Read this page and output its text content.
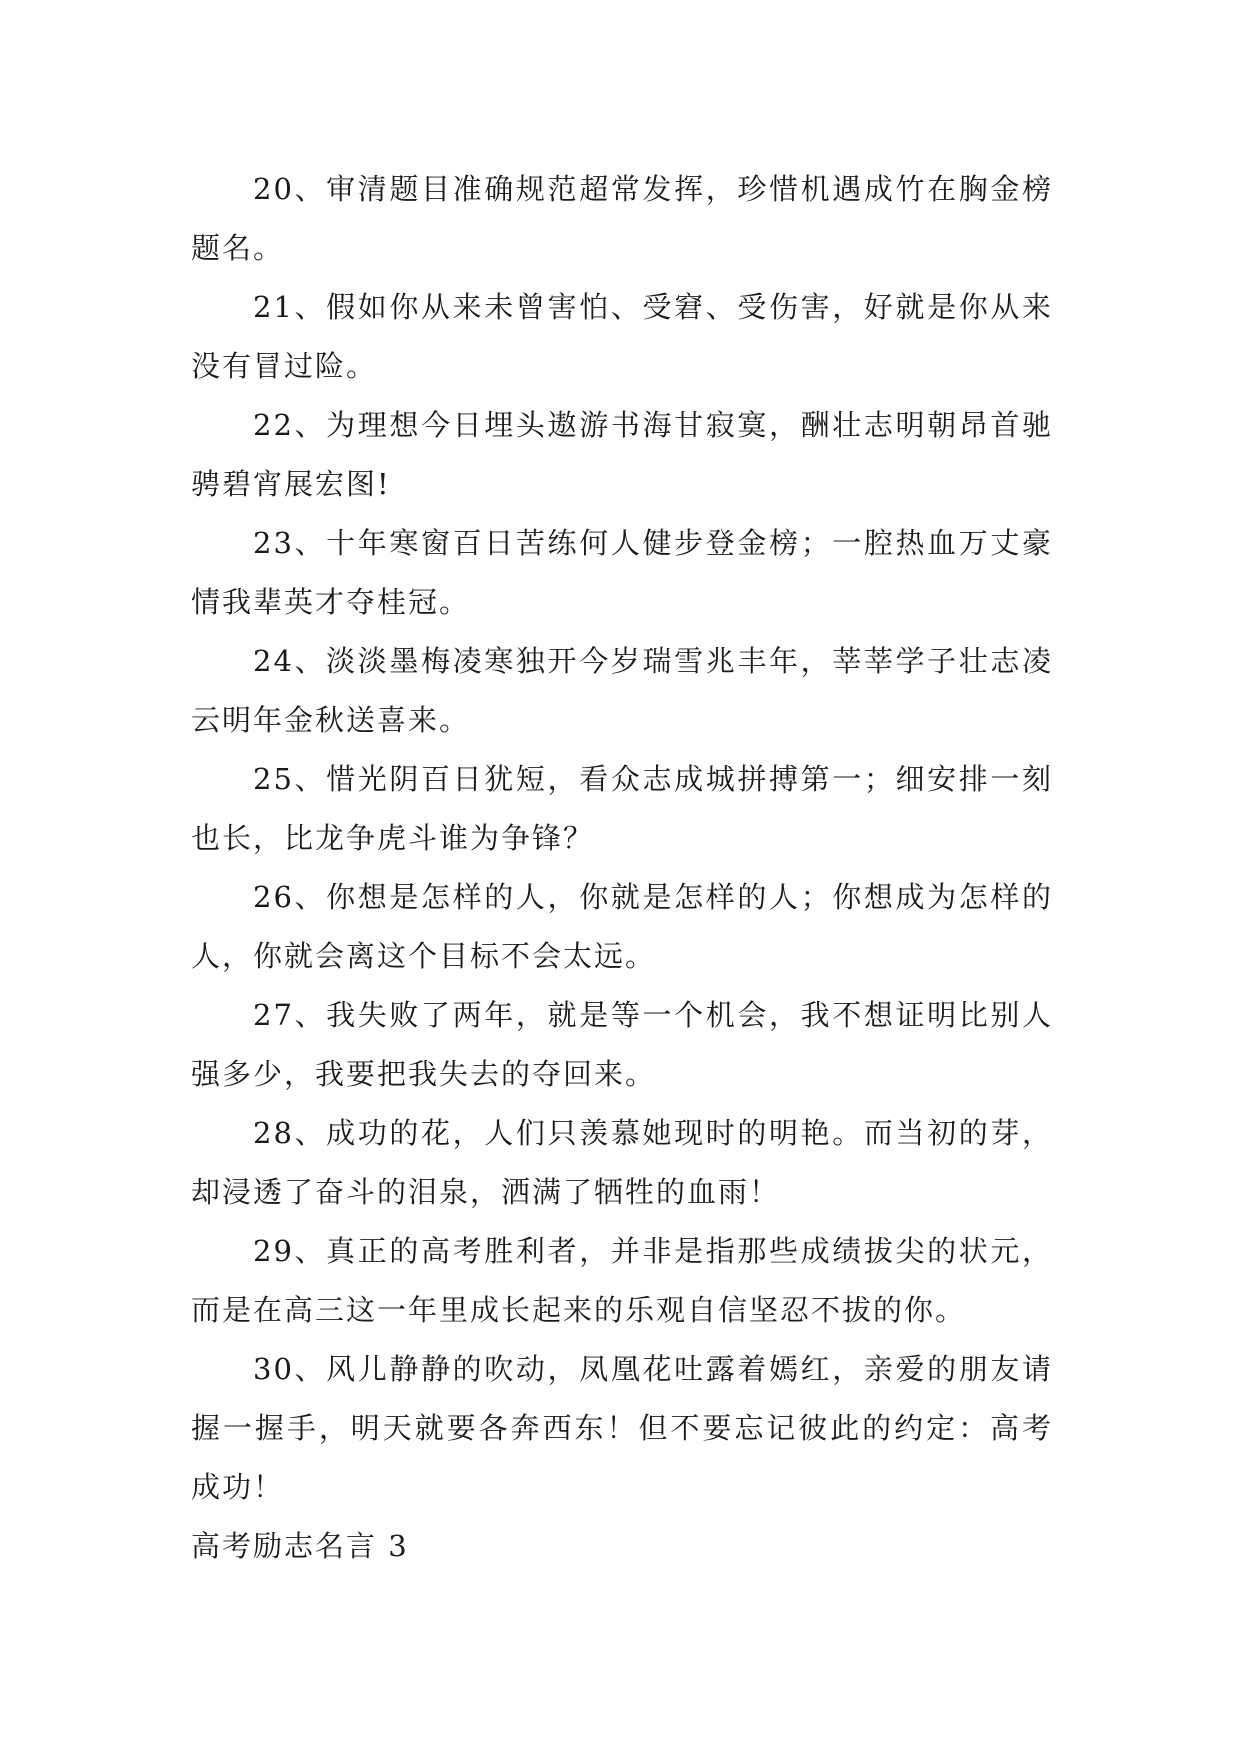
20、审清题目准确规范超常发挥，珍惜机遇成竹在胸金榜题名。

21、假如你从来未曾害怕、受窘、受伤害，好就是你从来没有冒过险。

22、为理想今日埋头遨游书海甘寂寞，酬壮志明朝昂首驰骋碧宵展宏图!

23、十年寒窗百日苦练何人健步登金榜；一腔热血万丈豪情我辈英才夺桂冠。

24、淡淡墨梅凌寒独开今岁瑞雪兆丰年，莘莘学子壮志凌云明年金秋送喜来。

25、惜光阴百日犹短，看众志成城拼搏第一；细安排一刻也长，比龙争虎斗谁为争锋？

26、你想是怎样的人，你就是怎样的人；你想成为怎样的人，你就会离这个目标不会太远。

27、我失败了两年，就是等一个机会，我不想证明比别人强多少，我要把我失去的夺回来。

28、成功的花，人们只羡慕她现时的明艳。而当初的芽，却浸透了奋斗的泪泉，洒满了牺牲的血雨！

29、真正的高考胜利者，并非是指那些成绩拔尖的状元，而是在高三这一年里成长起来的乐观自信坚忍不拔的你。

30、风儿静静的吹动，凤凰花吐露着嫣红，亲爱的朋友请握一握手，明天就要各奔西东！但不要忘记彼此的约定：高考成功！

高考励志名言 3
